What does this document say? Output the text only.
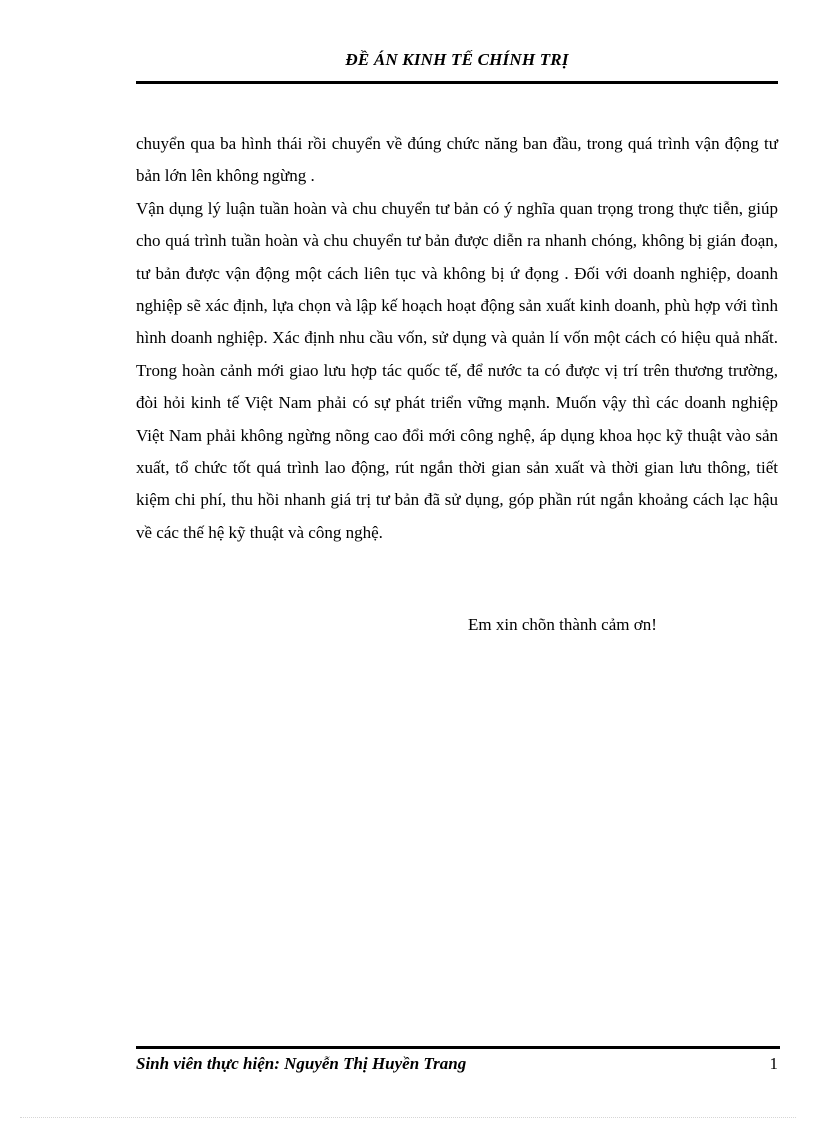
ĐỀ ÁN KINH TẾ CHÍNH TRỊ

chuyển qua ba hình thái rồi chuyển về đúng chức năng ban đầu, trong quá trình vận động tư bản lớn lên không ngừng .

Vận dụng lý luận tuần hoàn và chu chuyển tư bản có ý nghĩa quan trọng trong thực tiễn, giúp cho quá trình tuần hoàn và chu chuyển tư bản được diễn ra nhanh chóng, không bị gián đoạn, tư bản được vận động một cách liên tục và không bị ứ đọng . Đối với doanh nghiệp, doanh nghiệp sẽ xác định, lựa chọn và lập kế hoạch hoạt động sản xuất kinh doanh, phù hợp với tình hình doanh nghiệp. Xác định nhu cầu vốn, sử dụng và quản lí vốn một cách có hiệu quả nhất. Trong hoàn cảnh mới giao lưu hợp tác quốc tế, để nước ta có được vị trí trên thương trường, đòi hỏi kinh tế Việt Nam phải có sự phát triển vững mạnh. Muốn vậy thì các doanh nghiệp Việt Nam phải không ngừng nõng cao đổi mới công nghệ, áp dụng khoa học kỹ thuật vào sản xuất, tổ chức tốt quá trình lao động, rút ngắn thời gian sản xuất và thời gian lưu thông, tiết kiệm chi phí, thu hồi nhanh giá trị tư bản đã sử dụng, góp phần rút ngắn khoảng cách lạc hậu về các thế hệ kỹ thuật và công nghệ.

Em xin chõn thành cảm ơn!
Sinh viên thực hiện: Nguyễn Thị Huyền Trang	1
